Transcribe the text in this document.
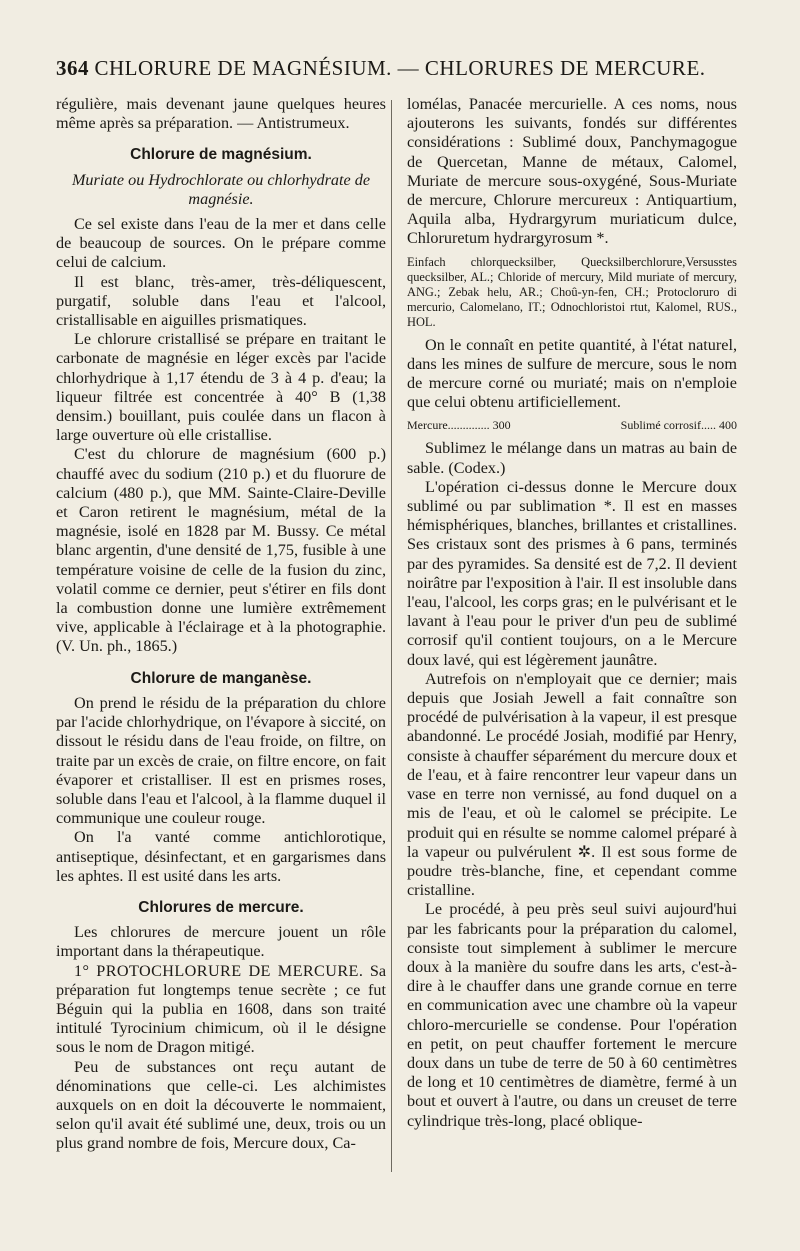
364 CHLORURE DE MAGNÉSIUM. — CHLORURES DE MERCURE.

régulière, mais devenant jaune quelques heures même après sa préparation. — Antistrumeux.

Chlorure de magnésium.
Muriate ou Hydrochlorate ou chlorhydrate de magnésie.

Ce sel existe dans l'eau de la mer et dans celle de beaucoup de sources. On le prépare comme celui de calcium.

Il est blanc, très-amer, très-déliquescent, purgatif, soluble dans l'eau et l'alcool, cristallisable en aiguilles prismatiques.

Le chlorure cristallisé se prépare en traitant le carbonate de magnésie en léger excès par l'acide chlorhydrique à 1,17 étendu de 3 à 4 p. d'eau; la liqueur filtrée est concentrée à 40° B (1,38 densim.) bouillant, puis coulée dans un flacon à large ouverture où elle cristallise.

C'est du chlorure de magnésium (600 p.) chauffé avec du sodium (210 p.) et du fluorure de calcium (480 p.), que MM. Sainte-Claire-Deville et Caron retirent le magnésium, métal de la magnésie, isolé en 1828 par M. Bussy. Ce métal blanc argentin, d'une densité de 1,75, fusible à une température voisine de celle de la fusion du zinc, volatil comme ce dernier, peut s'étirer en fils dont la combustion donne une lumière extrêmement vive, applicable à l'éclairage et à la photographie. (V. Un. ph., 1865.)

Chlorure de manganèse.

On prend le résidu de la préparation du chlore par l'acide chlorhydrique, on l'évapore à siccité, on dissout le résidu dans de l'eau froide, on filtre, on traite par un excès de craie, on filtre encore, on fait évaporer et cristalliser. Il est en prismes roses, soluble dans l'eau et l'alcool, à la flamme duquel il communique une couleur rouge.

On l'a vanté comme antichlorotique, antiseptique, désinfectant, et en gargarismes dans les aphtes. Il est usité dans les arts.

Chlorures de mercure.

Les chlorures de mercure jouent un rôle important dans la thérapeutique.

1° PROTOCHLORURE DE MERCURE. Sa préparation fut longtemps tenue secrète ; ce fut Béguin qui la publia en 1608, dans son traité intitulé Tyrocinium chimicum, où il le désigne sous le nom de Dragon mitigé.

Peu de substances ont reçu autant de dénominations que celle-ci. Les alchimistes auxquels on en doit la découverte le nommaient, selon qu'il avait été sublimé une, deux, trois ou un plus grand nombre de fois, Mercure doux, Ca-

lomélas, Panacée mercurielle. A ces noms, nous ajouterons les suivants, fondés sur différentes considérations : Sublimé doux, Panchymagogue de Quercetan, Manne de métaux, Calomel, Muriate de mercure sous-oxygéné, Sous-Muriate de mercure, Chlorure mercureux : Antiquartium, Aquila alba, Hydrargyrum muriaticum dulce, Chloruretum hydrargyrosum *.

Einfach chlorquecksilber, Quecksilberchlorure,Versusstes quecksilber, AL.; Chloride of mercury, Mild muriate of mercury, ANG.; Zebak helu, AR.; Choû-yn-fen, CH.; Protocloruro di mercurio, Calomelano, IT.; Odnochloristoi rtut, Kalomel, RUS., HOL.

On le connaît en petite quantité, à l'état naturel, dans les mines de sulfure de mercure, sous le nom de mercure corné ou muriaté; mais on n'emploie que celui obtenu artificiellement.

Mercure.............. 300	Sublimé corrosif..... 400

Sublimez le mélange dans un matras au bain de sable. (Codex.)

L'opération ci-dessus donne le Mercure doux sublimé ou par sublimation *. Il est en masses hémisphériques, blanches, brillantes et cristallines. Ses cristaux sont des prismes à 6 pans, terminés par des pyramides. Sa densité est de 7,2. Il devient noirâtre par l'exposition à l'air. Il est insoluble dans l'eau, l'alcool, les corps gras; en le pulvérisant et le lavant à l'eau pour le priver d'un peu de sublimé corrosif qu'il contient toujours, on a le Mercure doux lavé, qui est légèrement jaunâtre.

Autrefois on n'employait que ce dernier; mais depuis que Josiah Jewell a fait connaître son procédé de pulvérisation à la vapeur, il est presque abandonné. Le procédé Josiah, modifié par Henry, consiste à chauffer séparément du mercure doux et de l'eau, et à faire rencontrer leur vapeur dans un vase en terre non vernissé, au fond duquel on a mis de l'eau, et où le calomel se précipite. Le produit qui en résulte se nomme calomel préparé à la vapeur ou pulvérulent ✲. Il est sous forme de poudre très-blanche, fine, et cependant comme cristalline.

Le procédé, à peu près seul suivi aujourd'hui par les fabricants pour la préparation du calomel, consiste tout simplement à sublimer le mercure doux à la manière du soufre dans les arts, c'est-à-dire à le chauffer dans une grande cornue en terre en communication avec une chambre où la vapeur chloro-mercurielle se condense. Pour l'opération en petit, on peut chauffer fortement le mercure doux dans un tube de terre de 50 à 60 centimètres de long et 10 centimètres de diamètre, fermé à un bout et ouvert à l'autre, ou dans un creuset de terre cylindrique très-long, placé oblique-
